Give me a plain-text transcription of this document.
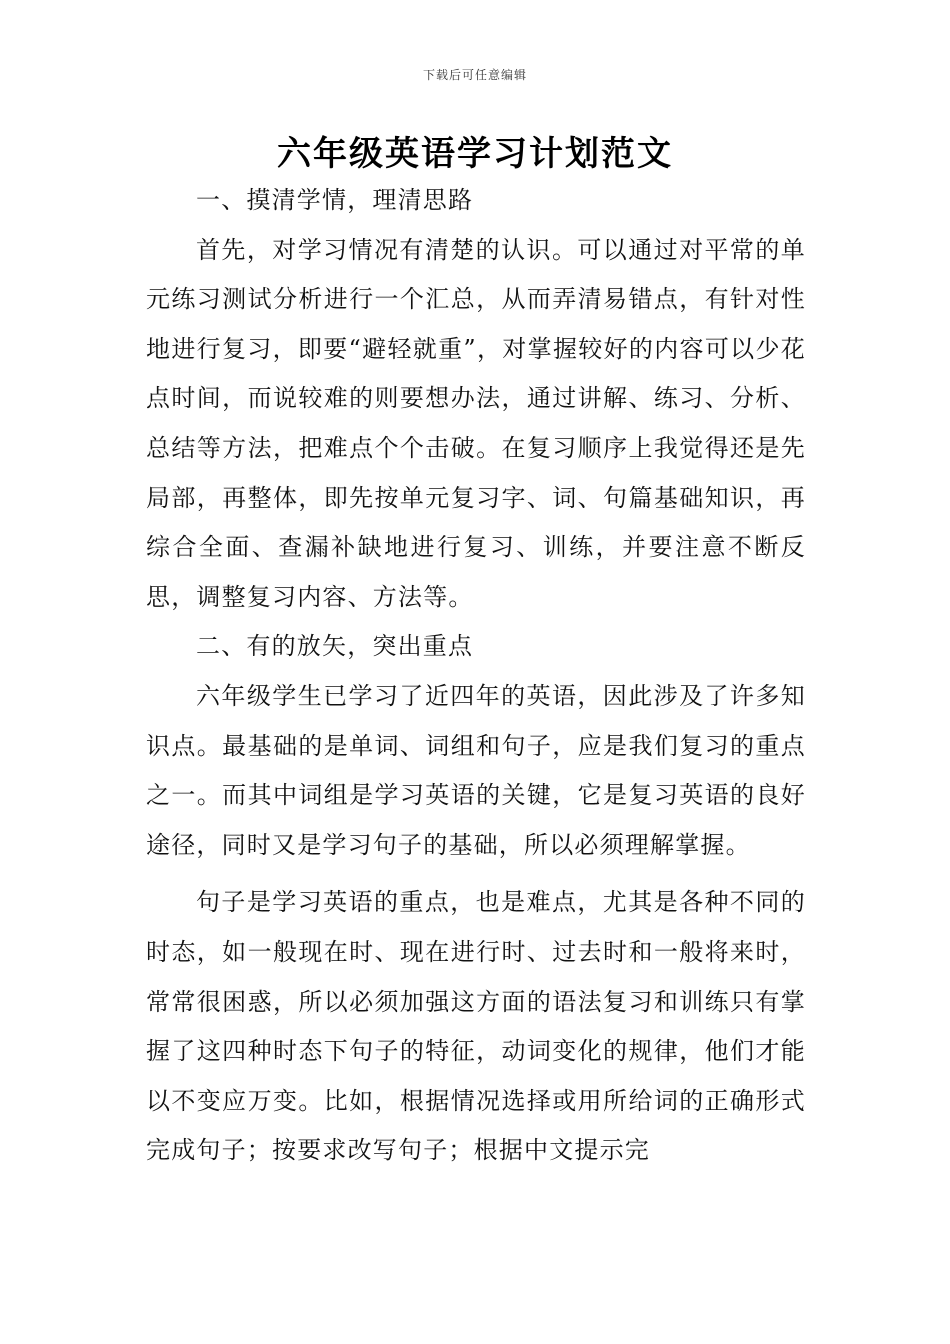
下载后可任意编辑
六年级英语学习计划范文

一、摸清学情，理清思路

首先，对学习情况有清楚的认识。可以通过对平常的单元练习测试分析进行一个汇总，从而弄清易错点，有针对性地进行复习，即要“避轻就重”，对掌握较好的内容可以少花点时间，而说较难的则要想办法，通过讲解、练习、分析、总结等方法，把难点个个击破。在复习顺序上我觉得还是先局部，再整体，即先按单元复习字、词、句篇基础知识，再综合全面、查漏补缺地进行复习、训练，并要注意不断反思，调整复习内容、方法等。

二、有的放矢，突出重点

六年级学生已学习了近四年的英语，因此涉及了许多知识点。最基础的是单词、词组和句子，应是我们复习的重点之一。而其中词组是学习英语的关键，它是复习英语的良好途径，同时又是学习句子的基础，所以必须理解掌握。

句子是学习英语的重点，也是难点，尤其是各种不同的时态，如一般现在时、现在进行时、过去时和一般将来时，常常很困惑，所以必须加强这方面的语法复习和训练只有掌握了这四种时态下句子的特征，动词变化的规律，他们才能以不变应万变。比如，根据情况选择或用所给词的正确形式完成句子；按要求改写句子；根据中文提示完
